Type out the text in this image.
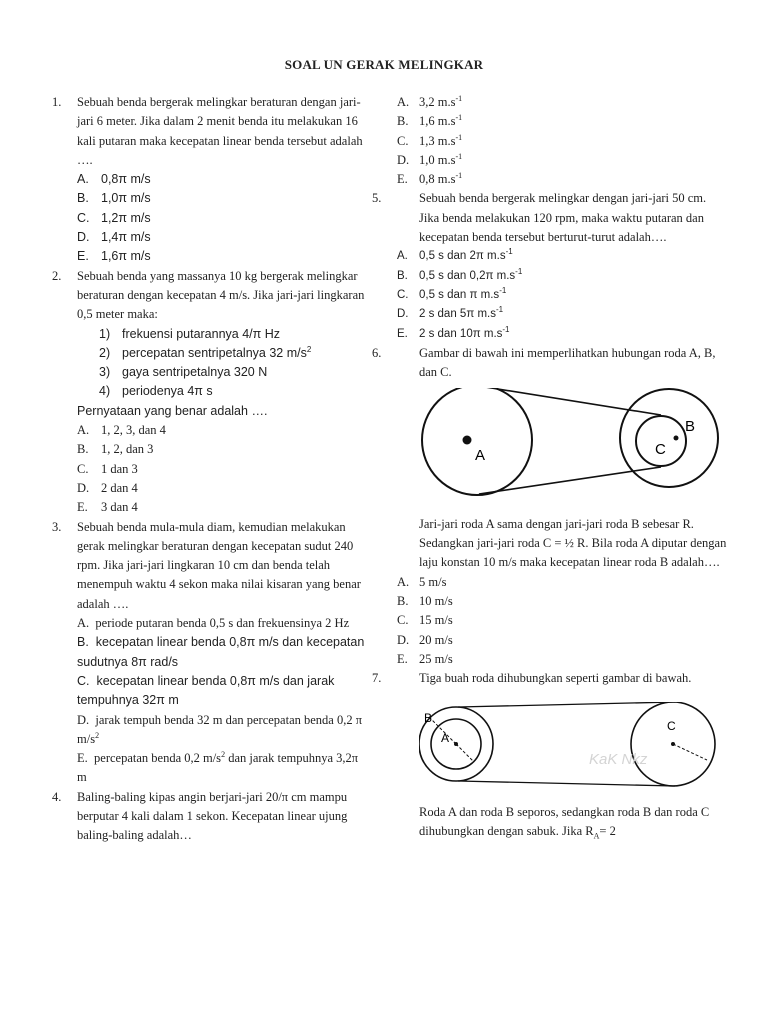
SOAL UN GERAK MELINGKAR
1. Sebuah benda bergerak melingkar beraturan dengan jari-jari 6 meter. Jika dalam 2 menit benda itu melakukan 16 kali putaran maka kecepatan linear benda tersebut adalah ….
A. 0,8π m/s
B. 1,0π m/s
C. 1,2π m/s
D. 1,4π m/s
E. 1,6π m/s
2. Sebuah benda yang massanya 10 kg bergerak melingkar beraturan dengan kecepatan 4 m/s. Jika jari-jari lingkaran 0,5 meter maka:
1) frekuensi putarannya 4/π Hz
2) percepatan sentripetalnya 32 $m/s^2$
3) gaya sentripetalnya 320 N
4) periodenya 4π s
Pernyataan yang benar adalah ….
A. 1, 2, 3, dan 4
B. 1, 2, dan 3
C. 1 dan 3
D. 2 dan 4
E. 3 dan 4
3. Sebuah benda mula-mula diam, kemudian melakukan gerak melingkar beraturan dengan kecepatan sudut 240 rpm. Jika jari-jari lingkaran 10 cm dan benda telah menempuh waktu 4 sekon maka nilai kisaran yang benar adalah ….
A. periode putaran benda 0,5 s dan frekuensinya 2 Hz
B. kecepatan linear benda 0,8π m/s dan kecepatan sudutnya 8π rad/s
C. kecepatan linear benda 0,8π m/s dan jarak tempuhnya 32π m
D. jarak tempuh benda 32 m dan percepatan benda 0,2 π $m/s^2$
E. percepatan benda 0,2 $m/s^2$ dan jarak tempuhnya 3,2π m
4. Baling-baling kipas angin berjari-jari 20/π cm mampu berputar 4 kali dalam 1 sekon. Kecepatan linear ujung baling-baling adalah…
A. 3,2 $m.s^{-1}$
B. 1,6 $m.s^{-1}$
C. 1,3 $m.s^{-1}$
D. 1,0 $m.s^{-1}$
E. 0,8 $m.s^{-1}$
5.	Sebuah benda bergerak melingkar dengan jari-jari 50 cm. Jika benda melakukan 120 rpm, maka waktu putaran dan kecepatan benda tersebut berturut-turut adalah….
A. 0,5 s dan 2π $m.s^{-1}$
B. 0,5 s dan 0,2π $m.s^{-1}$
C. 0,5 s dan π $m.s^{-1}$
D. 2 s dan 5π $m.s^{-1}$
E. 2 s dan 10π $m.s^{-1}$
6.	Gambar di bawah ini memperlihatkan hubungan roda A, B, dan C.
A	C
B
Jari-jari roda A sama dengan jari-jari roda B sebesar R. Sedangkan jari-jari roda C = ½ R. Bila roda A diputar dengan laju konstan 10 m/s maka kecepatan linear roda B adalah….
A. 5 m/s
B. 10 m/s
C. 15 m/s
D. 20 m/s
E. 25 m/s
7.	Tiga buah roda dihubungkan seperti gambar di bawah.
A
B
C
KaK Nkz
Roda A dan roda B seporos, sedangkan roda B dan roda C dihubungkan dengan sabuk. Jika $R_A= 2$
